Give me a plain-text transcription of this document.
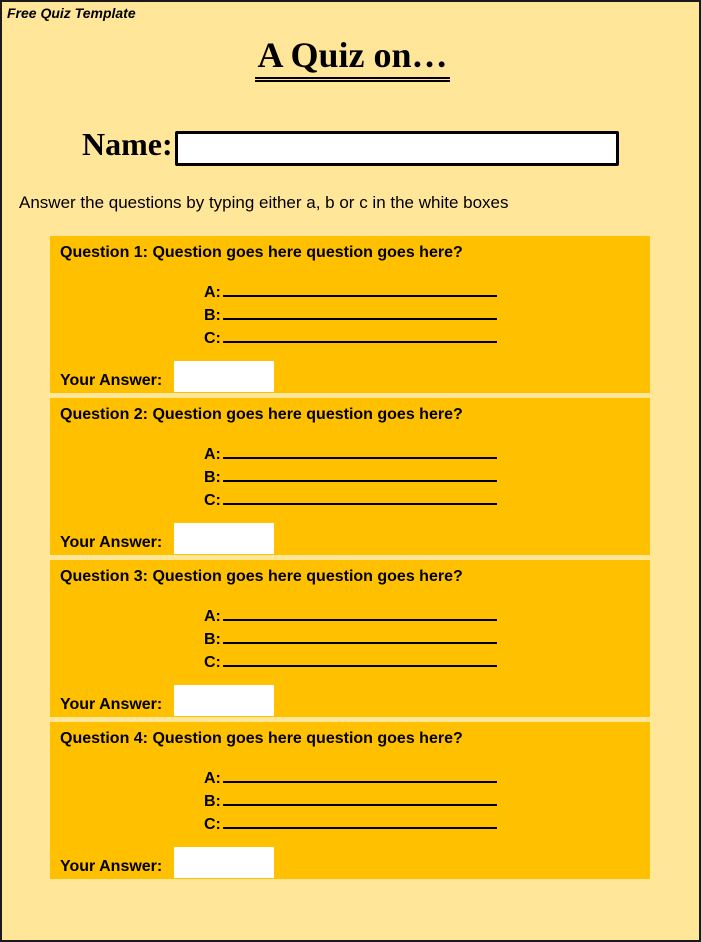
Free Quiz Template
A Quiz on…
Name:
Answer the questions by typing either a, b or c in the white boxes
Question 1: Question goes here question goes here?
A:
B:
C:
Your Answer:
Question 2: Question goes here question goes here?
A:
B:
C:
Your Answer:
Question 3: Question goes here question goes here?
A:
B:
C:
Your Answer:
Question 4: Question goes here question goes here?
A:
B:
C:
Your Answer:
